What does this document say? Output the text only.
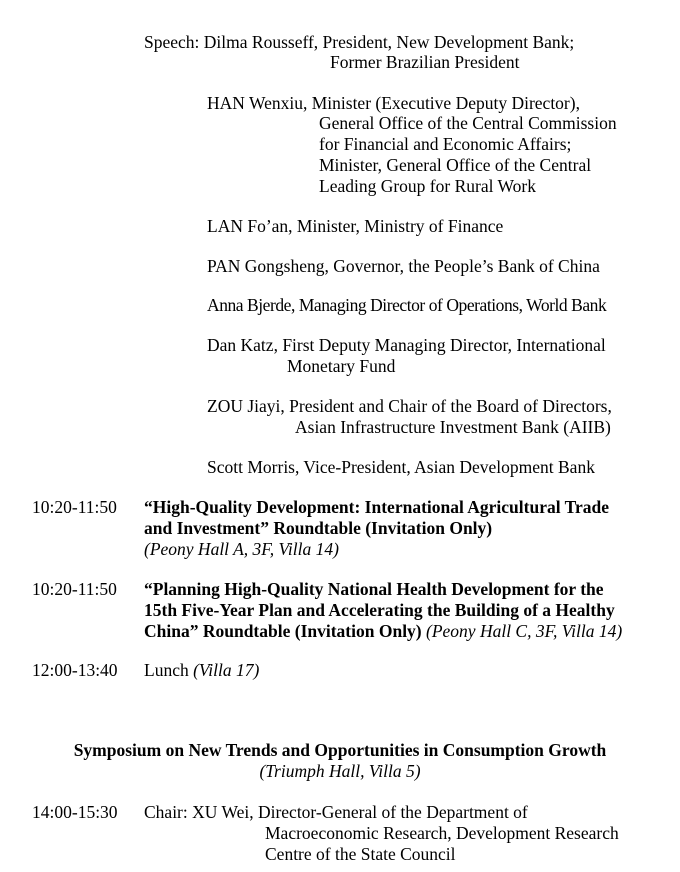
Speech: Dilma Rousseff, President, New Development Bank;
Former Brazilian President
HAN Wenxiu, Minister (Executive Deputy Director),
General Office of the Central Commission
for Financial and Economic Affairs;
Minister, General Office of the Central
Leading Group for Rural Work
LAN Fo’an, Minister, Ministry of Finance
PAN Gongsheng, Governor, the People’s Bank of China
Anna Bjerde, Managing Director of Operations, World Bank
Dan Katz, First Deputy Managing Director, International
Monetary Fund
ZOU Jiayi, President and Chair of the Board of Directors,
Asian Infrastructure Investment Bank (AIIB)
Scott Morris, Vice-President, Asian Development Bank
10:20-11:50 “High-Quality Development: International Agricultural Trade
and Investment” Roundtable (Invitation Only)
(Peony Hall A, 3F, Villa 14)
10:20-11:50 “Planning High-Quality National Health Development for the
15th Five-Year Plan and Accelerating the Building of a Healthy
China” Roundtable (Invitation Only) (Peony Hall C, 3F, Villa 14)
12:00-13:40 Lunch (Villa 17)
Symposium on New Trends and Opportunities in Consumption Growth
(Triumph Hall, Villa 5)
14:00-15:30 Chair: XU Wei, Director-General of the Department of
Macroeconomic Research, Development Research
Centre of the State Council
